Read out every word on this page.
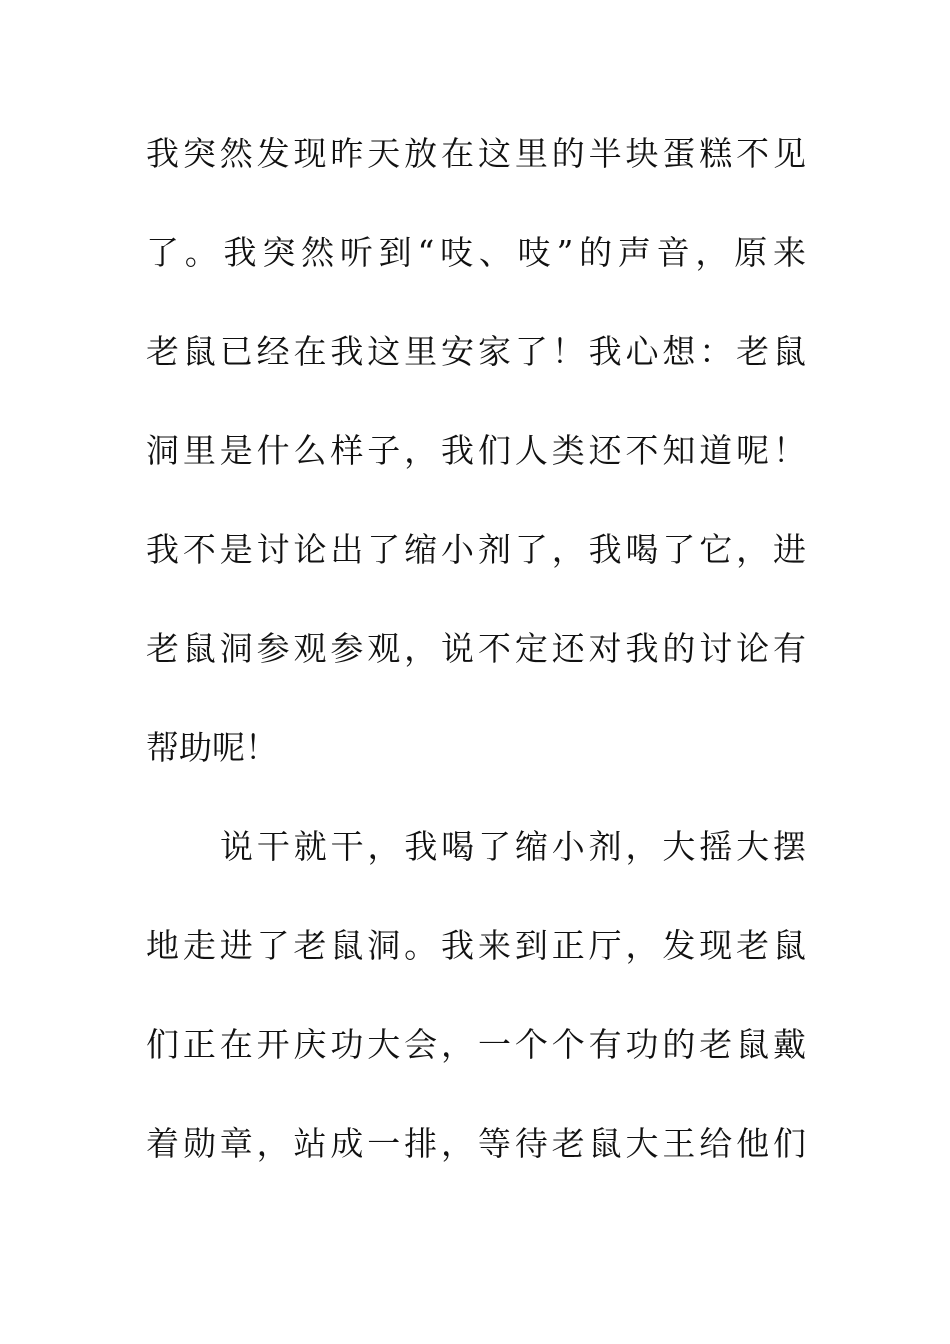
我突然发现昨天放在这里的半块蛋糕不见
了。我突然听到“吱、吱”的声音，原来
老鼠已经在我这里安家了！我心想：老鼠
洞里是什么样子，我们人类还不知道呢！
我不是讨论出了缩小剂了，我喝了它，进
老鼠洞参观参观，说不定还对我的讨论有
帮助呢！
说干就干，我喝了缩小剂，大摇大摆
地走进了老鼠洞。我来到正厅，发现老鼠
们正在开庆功大会，一个个有功的老鼠戴
着勋章，站成一排，等待老鼠大王给他们
